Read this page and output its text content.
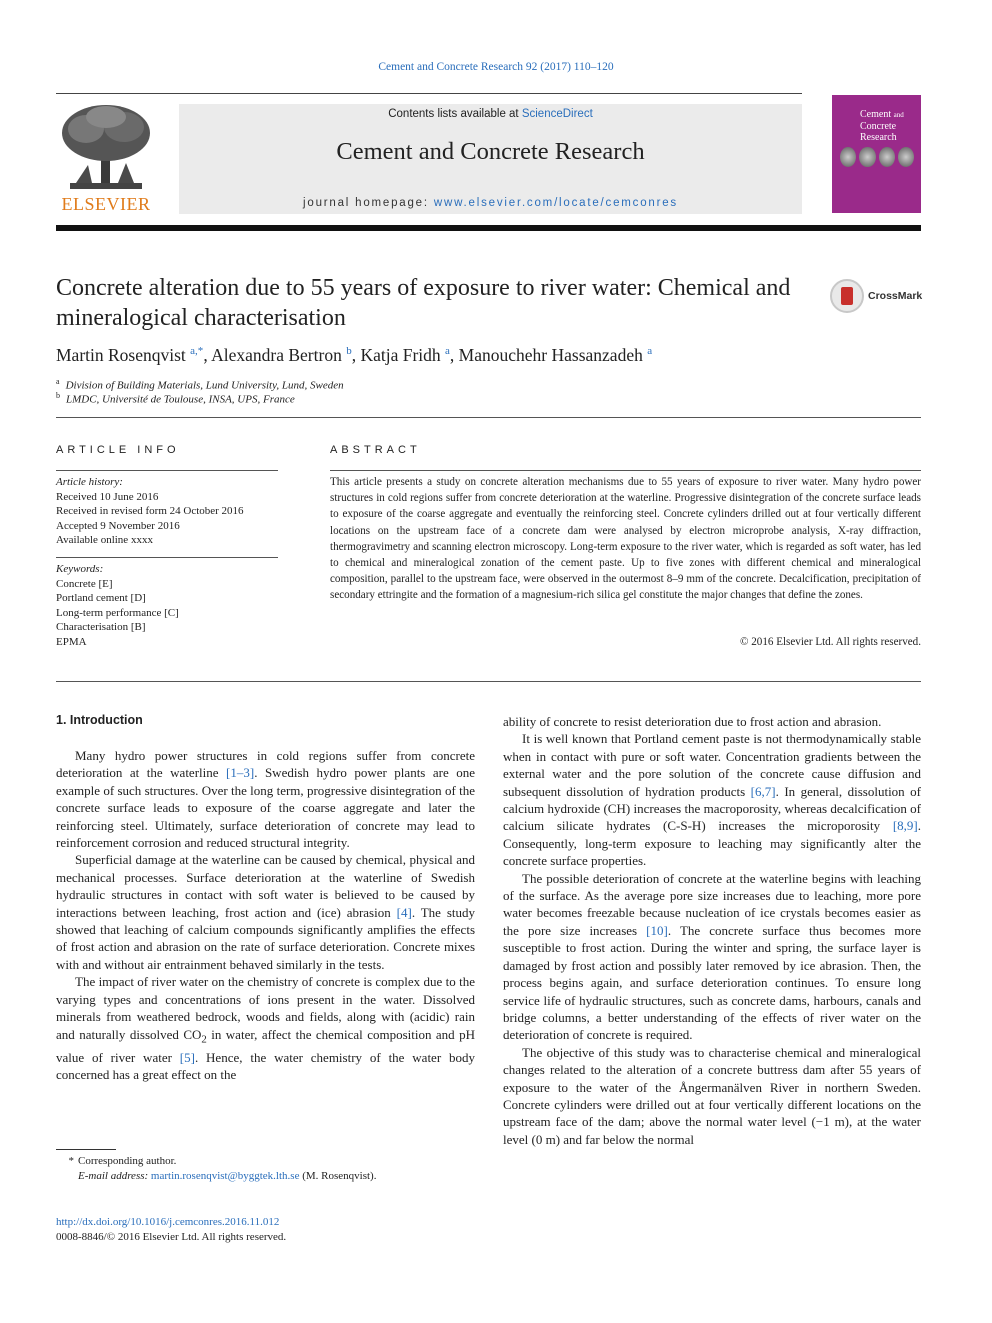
Cement and Concrete Research 92 (2017) 110–120
ELSEVIER
Contents lists available at ScienceDirect
Cement and Concrete Research
journal homepage: www.elsevier.com/locate/cemconres
Cement and
Concrete
Research
Concrete alteration due to 55 years of exposure to river water: Chemical and mineralogical characterisation
CrossMark
Martin Rosenqvist $^{a,*}$, Alexandra Bertron $^b$, Katja Fridh $^a$, Manouchehr Hassanzadeh $^a$
$^a$ Division of Building Materials, Lund University, Lund, Sweden
$^b$ LMDC, Université de Toulouse, INSA, UPS, France
ARTICLE INFO	ABSTRACT
Article history:
Received 10 June 2016
Received in revised form 24 October 2016
Accepted 9 November 2016
Available online xxxx
Keywords:
Concrete [E]
Portland cement [D]
Long-term performance [C]
Characterisation [B]
EPMA
This article presents a study on concrete alteration mechanisms due to 55 years of exposure to river water. Many hydro power structures in cold regions suffer from concrete deterioration at the waterline. Progressive disintegration of the concrete surface leads to exposure of the coarse aggregate and eventually the reinforcing steel. Concrete cylinders drilled out at four vertically different locations on the upstream face of a concrete dam were analysed by electron microprobe analysis, X-ray diffraction, thermogravimetry and scanning electron microscopy. Long-term exposure to the river water, which is regarded as soft water, has led to chemical and mineralogical zonation of the cement paste. Up to five zones with different chemical and mineralogical composition, parallel to the upstream face, were observed in the outermost 8–9 mm of the concrete. Decalcification, precipitation of secondary ettringite and the formation of a magnesium-rich silica gel constitute the major changes that define the zones.
© 2016 Elsevier Ltd. All rights reserved.
1. Introduction

Many hydro power structures in cold regions suffer from concrete deterioration at the waterline [1–3]. Swedish hydro power plants are one example of such structures. Over the long term, progressive disintegration of the concrete surface leads to exposure of the coarse aggregate and later the reinforcing steel. Ultimately, surface deterioration of concrete may lead to reinforcement corrosion and reduced structural integrity.

Superficial damage at the waterline can be caused by chemical, physical and mechanical processes. Surface deterioration at the waterline of Swedish hydraulic structures in contact with soft water is believed to be caused by interactions between leaching, frost action and (ice) abrasion [4]. The study showed that leaching of calcium compounds significantly amplifies the effects of frost action and abrasion on the rate of surface deterioration. Concrete mixes with and without air entrainment behaved similarly in the tests.

The impact of river water on the chemistry of concrete is complex due to the varying types and concentrations of ions present in the water. Dissolved minerals from weathered bedrock, woods and fields, along with (acidic) rain and naturally dissolved $CO_2$ in water, affect the chemical composition and pH value of river water [5]. Hence, the water chemistry of the water body concerned has a great effect on the

ability of concrete to resist deterioration due to frost action and abrasion.

It is well known that Portland cement paste is not thermodynamically stable when in contact with pure or soft water. Concentration gradients between the external water and the pore solution of the concrete cause diffusion and subsequent dissolution of hydration products [6,7]. In general, dissolution of calcium hydroxide (CH) increases the macroporosity, whereas decalcification of calcium silicate hydrates (C-S-H) increases the microporosity [8,9]. Consequently, long-term exposure to leaching may significantly alter the concrete surface properties.

The possible deterioration of concrete at the waterline begins with leaching of the surface. As the average pore size increases due to leaching, more pore water becomes freezable because nucleation of ice crystals becomes easier as the pore size increases [10]. The concrete surface thus becomes more susceptible to frost action. During the winter and spring, the surface layer is damaged by frost action and possibly later removed by ice abrasion. Then, the process begins again, and surface deterioration continues. To ensure long service life of hydraulic structures, such as concrete dams, harbours, canals and bridge columns, a better understanding of the effects of river water on the deterioration of concrete is required.

The objective of this study was to characterise chemical and mineralogical changes related to the alteration of a concrete buttress dam after 55 years of exposure to the water of the Ångermanälven River in northern Sweden. Concrete cylinders were drilled out at four vertically different locations on the upstream face of the dam; above the normal water level (−1 m), at the water level (0 m) and far below the normal

* Corresponding author.
E-mail address: martin.rosenqvist@byggtek.lth.se (M. Rosenqvist).
http://dx.doi.org/10.1016/j.cemconres.2016.11.012
0008-8846/© 2016 Elsevier Ltd. All rights reserved.
